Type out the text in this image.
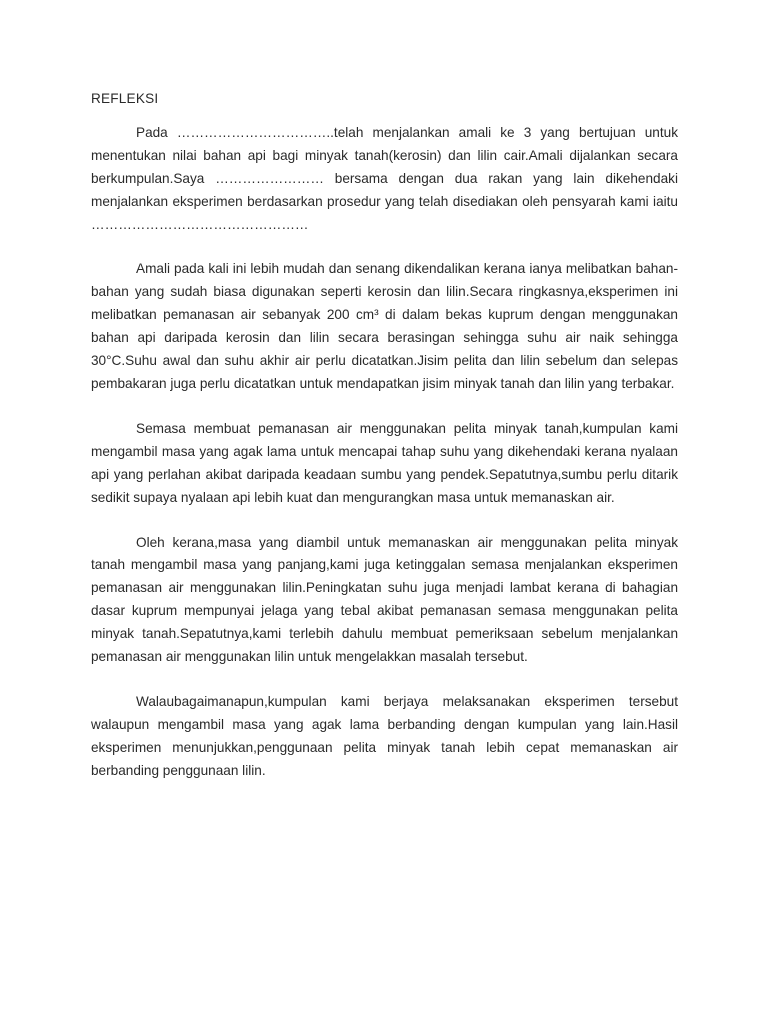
REFLEKSI

Pada ……………………………..telah menjalankan amali ke 3 yang bertujuan untuk menentukan nilai bahan api bagi minyak tanah(kerosin) dan lilin cair.Amali dijalankan secara berkumpulan.Saya …………………… bersama dengan dua rakan yang lain dikehendaki menjalankan eksperimen berdasarkan prosedur yang telah disediakan oleh pensyarah kami iaitu …………………………………………

Amali pada kali ini lebih mudah dan senang dikendalikan kerana ianya melibatkan bahan-bahan yang sudah biasa digunakan seperti kerosin dan lilin.Secara ringkasnya,eksperimen ini melibatkan pemanasan air sebanyak 200 cm³ di dalam bekas kuprum dengan menggunakan bahan api daripada kerosin dan lilin secara berasingan sehingga suhu air naik sehingga 30°C.Suhu awal dan suhu akhir air perlu dicatatkan.Jisim pelita dan lilin sebelum dan selepas pembakaran juga perlu dicatatkan untuk mendapatkan jisim minyak tanah dan lilin yang terbakar.

Semasa membuat pemanasan air menggunakan pelita minyak tanah,kumpulan kami mengambil masa yang agak lama untuk mencapai tahap suhu yang dikehendaki kerana nyalaan api yang perlahan akibat daripada keadaan sumbu yang pendek.Sepatutnya,sumbu perlu ditarik sedikit supaya nyalaan api lebih kuat dan mengurangkan masa untuk memanaskan air.

Oleh kerana,masa yang diambil untuk memanaskan air menggunakan pelita minyak tanah mengambil masa yang panjang,kami juga ketinggalan semasa menjalankan eksperimen pemanasan air menggunakan lilin.Peningkatan suhu juga menjadi lambat kerana di bahagian dasar kuprum mempunyai jelaga yang tebal akibat pemanasan semasa menggunakan pelita minyak tanah.Sepatutnya,kami terlebih dahulu membuat pemeriksaan sebelum menjalankan pemanasan air menggunakan lilin untuk mengelakkan masalah tersebut.

Walaubagaimanapun,kumpulan kami berjaya melaksanakan eksperimen tersebut walaupun mengambil masa yang agak lama berbanding dengan kumpulan yang lain.Hasil eksperimen menunjukkan,penggunaan pelita minyak tanah lebih cepat memanaskan air berbanding penggunaan lilin.
